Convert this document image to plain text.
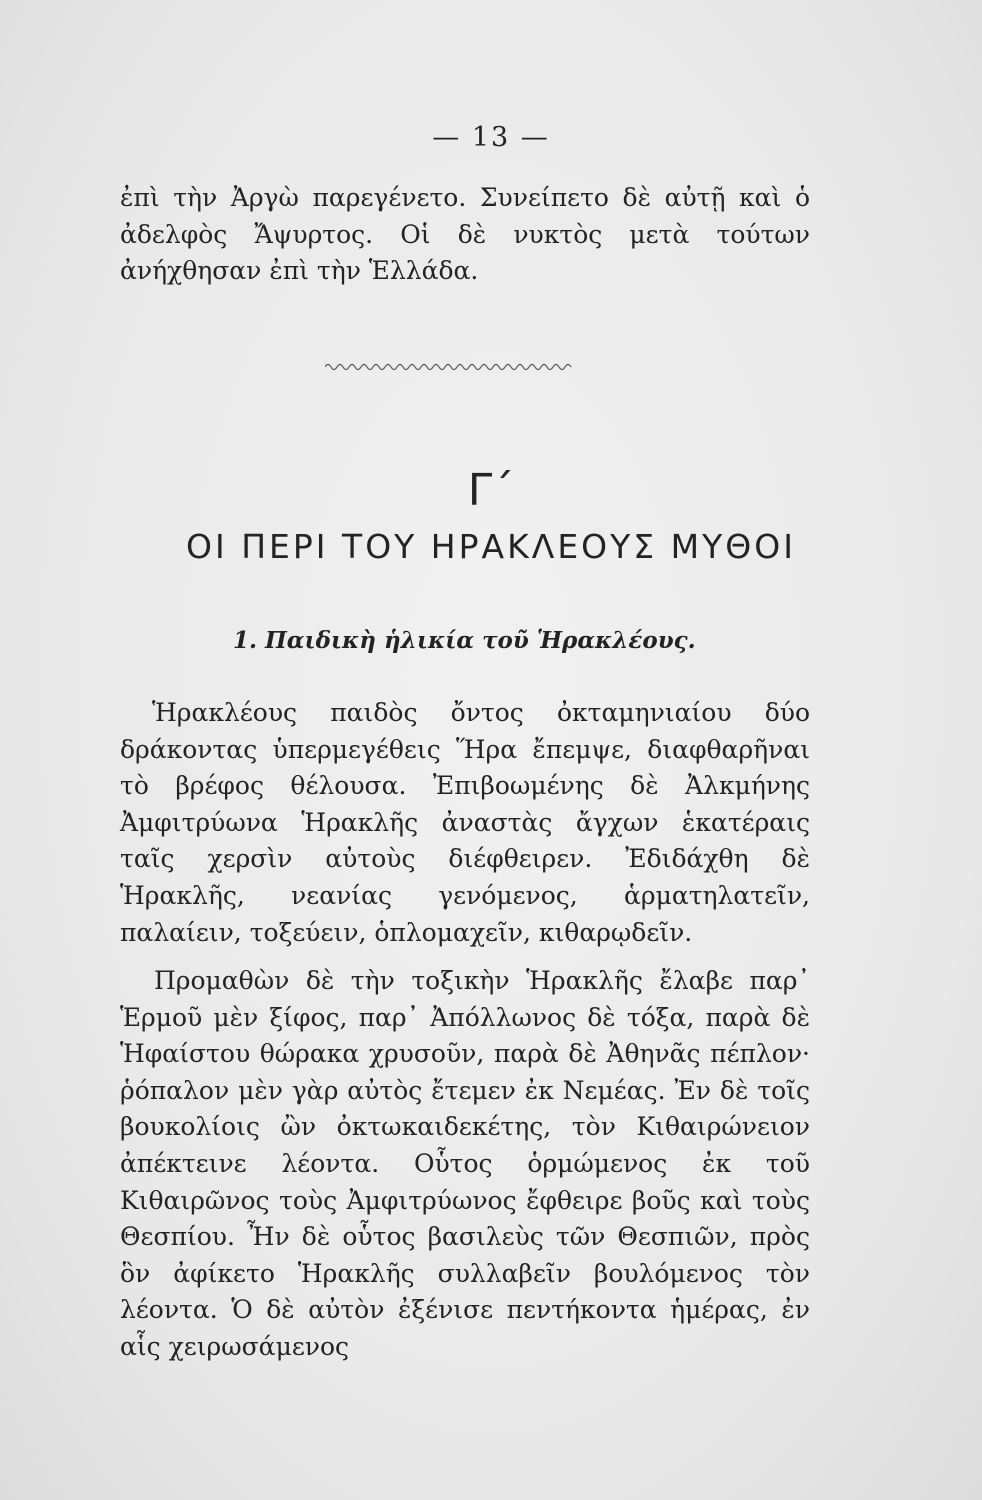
— 13 —

ἐπὶ τὴν Ἀργὼ παρεγένετο. Συνείπετο δὲ αὐτῇ καὶ ὁ ἀδελφὸς Ἄψυρτος. Οἱ δὲ νυκτὸς μετὰ τούτων ἀνήχθησαν ἐπὶ τὴν Ἑλλάδα.

Γ΄
ΟΙ ΠΕΡΙ ΤΟΥ ΗΡΑΚΛΕΟΥΣ ΜΥΘΟΙ
1. Παιδικὴ ἡλικία τοῦ Ἡρακλέους.

Ἡρακλέους παιδὸς ὄντος ὀκταμηνιαίου δύο δράκοντας ὑπερμεγέθεις Ἥρα ἔπεμψε, διαφθαρῆναι τὸ βρέφος θέλουσα. Ἐπιβοωμένης δὲ Ἀλκμήνης Ἀμφιτρύωνα Ἡρακλῆς ἀναστὰς ἄγχων ἑκατέραις ταῖς χερσὶν αὐτοὺς διέφθειρεν. Ἐδιδάχθη δὲ Ἡρακλῆς, νεανίας γενόμενος, ἁρματηλατεῖν, παλαίειν, τοξεύειν, ὁπλομαχεῖν, κιθαρῳδεῖν.

Προμαθὼν δὲ τὴν τοξικὴν Ἡρακλῆς ἔλαβε παρ᾽ Ἑρμοῦ μὲν ξίφος, παρ᾽ Ἀπόλλωνος δὲ τόξα, παρὰ δὲ Ἡφαίστου θώρακα χρυσοῦν, παρὰ δὲ Ἀθηνᾶς πέπλον· ῥόπαλον μὲν γὰρ αὐτὸς ἔτεμεν ἐκ Νεμέας. Ἐν δὲ τοῖς βουκολίοις ὢν ὀκτωκαιδεκέτης, τὸν Κιθαιρώνειον ἀπέκτεινε λέοντα. Οὗτος ὁρμώμενος ἐκ τοῦ Κιθαιρῶνος τοὺς Ἀμφιτρύωνος ἔφθειρε βοῦς καὶ τοὺς Θεσπίου. Ἦν δὲ οὗτος βασιλεὺς τῶν Θεσπιῶν, πρὸς ὃν ἀφίκετο Ἡρακλῆς συλλαβεῖν βουλόμενος τὸν λέοντα. Ὁ δὲ αὐτὸν ἐξένισε πεντήκοντα ἡμέρας, ἐν αἷς χειρωσάμενος
